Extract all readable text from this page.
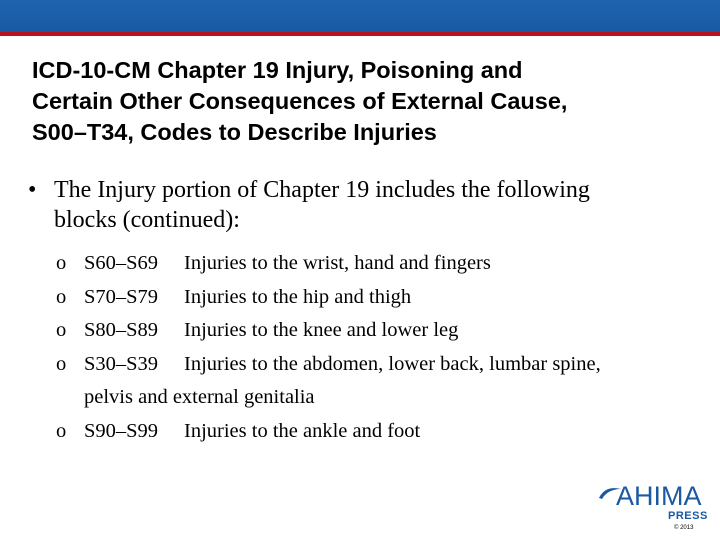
ICD-10-CM Chapter 19 Injury, Poisoning and
Certain Other Consequences of External Cause,
S00–T34, Codes to Describe Injuries
• The Injury portion of Chapter 19 includes the following
blocks (continued):
o S60–S69 Injuries to the wrist, hand and fingers
o S70–S79 Injuries to the hip and thigh
o S80–S89 Injuries to the knee and lower leg
o S30–S39 Injuries to the abdomen, lower back, lumbar spine,
pelvis and external genitalia
o S90–S99 Injuries to the ankle and foot
AHIMA
PRESS
© 2013
